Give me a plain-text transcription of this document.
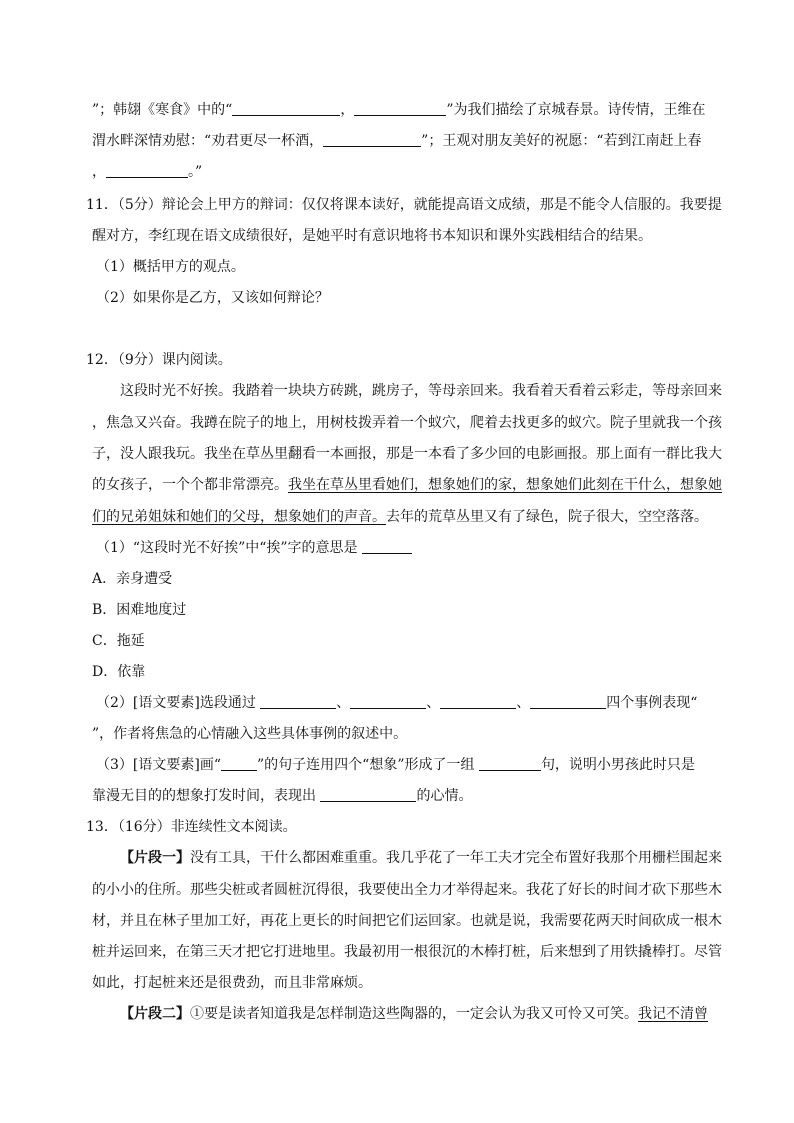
”；韩翃《寒食》中的“	，	”为我们描绘了京城春景。诗传情，王维在
渭水畔深情劝慰：“劝君更尽一杯酒，	”；王观对朋友美好的祝愿：“若到江南赶上春
，	。”
11．（5分）辩论会上甲方的辩词：仅仅将课本读好，就能提高语文成绩，那是不能令人信服的。我要提
醒对方，李红现在语文成绩很好，是她平时有意识地将书本知识和课外实践相结合的结果。
（1）概括甲方的观点。
（2）如果你是乙方，又该如何辩论？
12．（9分）课内阅读。
这段时光不好挨。我踏着一块块方砖跳，跳房子，等母亲回来。我看着天看着云彩走，等母亲回来
，焦急又兴奋。我蹲在院子的地上，用树枝拨弄着一个蚁穴，爬着去找更多的蚁穴。院子里就我一个孩
子，没人跟我玩。我坐在草丛里翻看一本画报，那是一本看了多少回的电影画报。那上面有一群比我大
的女孩子，一个个都非常漂亮。我坐在草丛里看她们，想象她们的家，想象她们此刻在干什么，想象她
们的兄弟姐妹和她们的父母，想象她们的声音。去年的荒草丛里又有了绿色，院子很大，空空落落。
（1）“这段时光不好挨”中“挨”字的意思是
A．亲身遭受
B．困难地度过
C．拖延
D．依靠
（2）[语文要素]选段通过	、	、	、	四个事例表现“
”，作者将焦急的心情融入这些具体事例的叙述中。
（3）[语文要素]画“	”的句子连用四个“想象”形成了一组	句，说明小男孩此时只是
靠漫无目的的想象打发时间，表现出	的心情。
13．（16分）非连续性文本阅读。
【片段一】没有工具，干什么都困难重重。我几乎花了一年工夫才完全布置好我那个用栅栏围起来
的小小的住所。那些尖桩或者圆桩沉得很，我要使出全力才举得起来。我花了好长的时间才砍下那些木
材，并且在林子里加工好，再花上更长的时间把它们运回家。也就是说，我需要花两天时间砍成一根木
桩并运回来，在第三天才把它打进地里。我最初用一根很沉的木棒打桩，后来想到了用铁撬棒打。尽管
如此，打起桩来还是很费劲，而且非常麻烦。
【片段二】①要是读者知道我是怎样制造这些陶器的，一定会认为我又可怜又可笑。我记不清曾
